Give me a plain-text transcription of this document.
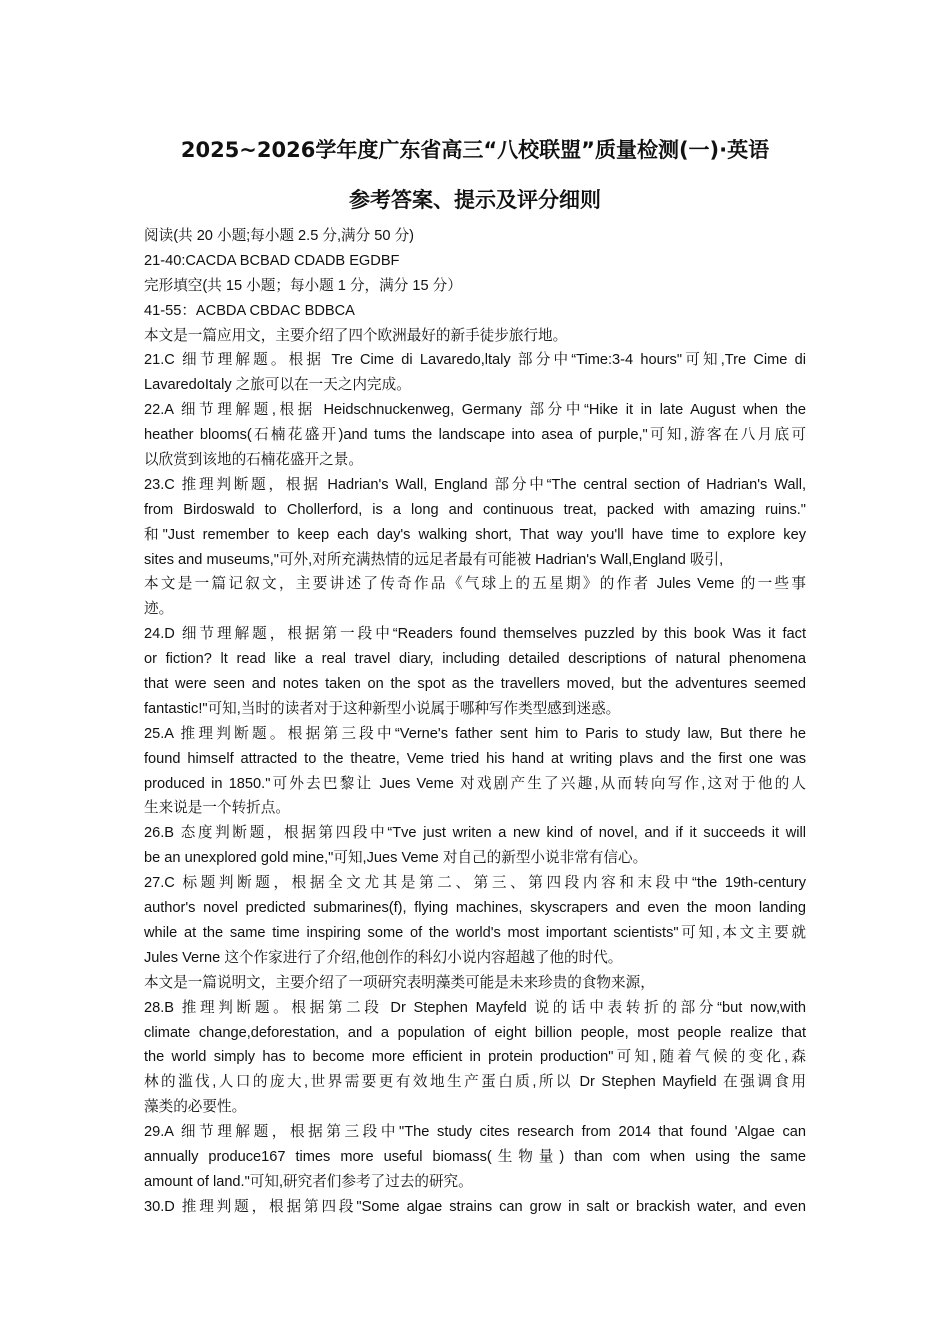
2025~2026学年度广东省高三“八校联盟”质量检测(一)·英语
参考答案、提示及评分细则
阅读(共 20 小题;每小题 2.5 分,满分 50 分)
21-40:CACDA BCBAD CDADB EGDBF
完形填空(共 15 小题；每小题 1 分，满分 15 分）
41-55：ACBDA CBDAC BDBCA
本文是一篇应用文，主要介绍了四个欧洲最好的新手徒步旅行地。
21.C 细节理解题。根据 Tre Cime di Lavaredo,ltaly 部分中“Time:3-4 hours"可知,Tre Cime di
LavaredoItaly 之旅可以在一天之内完成。
22.A 细节理解题,根据 Heidschnuckenweg, Germany 部分中“Hike it in late August when the
heather blooms(石楠花盛开)and tums the landscape into asea of purple,"可知,游客在八月底可
以欣赏到该地的石楠花盛开之景。
23.C 推理判断题，根据 Hadrian's Wall, England 部分中“The central section of Hadrian's Wall,
from Birdoswald to Chollerford, is a long and continuous treat, packed with amazing ruins."
和"Just remember to keep each day's walking short, That way you'll have time to explore key
sites and museums,"可外,对所充满热情的远足者最有可能被 Hadrian's Wall,England 吸引,
本文是一篇记叙文，主要讲述了传奇作品《气球上的五星期》的作者 Jules Veme 的一些事
迹。
24.D 细节理解题，根据第一段中“Readers found themselves puzzled by this book Was it fact
or fiction? lt read like a real travel diary, including detailed descriptions of natural phenomena
that were seen and notes taken on the spot as the travellers moved, but the adventures seemed
fantastic!"可知,当时的读者对于这种新型小说属于哪种写作类型感到迷惑。
25.A 推理判断题。根据第三段中“Verne's father sent him to Paris to study law, But there he
found himself attracted to the theatre, Veme tried his hand at writing plavs and the first one was
produced in 1850."可外去巴黎让 Jues Veme 对戏剧产生了兴趣,从而转向写作,这对于他的人
生来说是一个转折点。
26.B 态度判断题，根据第四段中“Tve just writen a new kind of novel, and if it succeeds it will
be an unexplored gold mine,"可知,Jues Veme 对自己的新型小说非常有信心。
27.C 标题判断题，根据全文尤其是第二、第三、第四段内容和末段中“the 19th-century
author's novel predicted submarines(f), flying machines, skyscrapers and even the moon landing
while at the same time inspiring some of the world's most important scientists"可知,本文主要就
Jules Verne 这个作家进行了介绍,他创作的科幻小说内容超越了他的时代。
本文是一篇说明文，主要介绍了一项研究表明藻类可能是未来珍贵的食物来源，
28.B 推理判断题。根据第二段 Dr Stephen Mayfeld 说的话中表转折的部分“but now,with
climate change,deforestation, and a population of eight billion people, most people realize that
the world simply has to become more efficient in protein production"可知,随着气候的变化,森
林的滥伐,人口的庞大,世界需要更有效地生产蛋白质,所以 Dr Stephen Mayfield 在强调食用
藻类的必要性。
29.A 细节理解题，根据第三段中"The study cites research from 2014 that found 'Algae can
annually produce167 times more useful biomass(生物量) than com when using the same
amount of land."可知,研究者们参考了过去的研究。
30.D 推理判题，根据第四段"Some algae strains can grow in salt or brackish water, and even
